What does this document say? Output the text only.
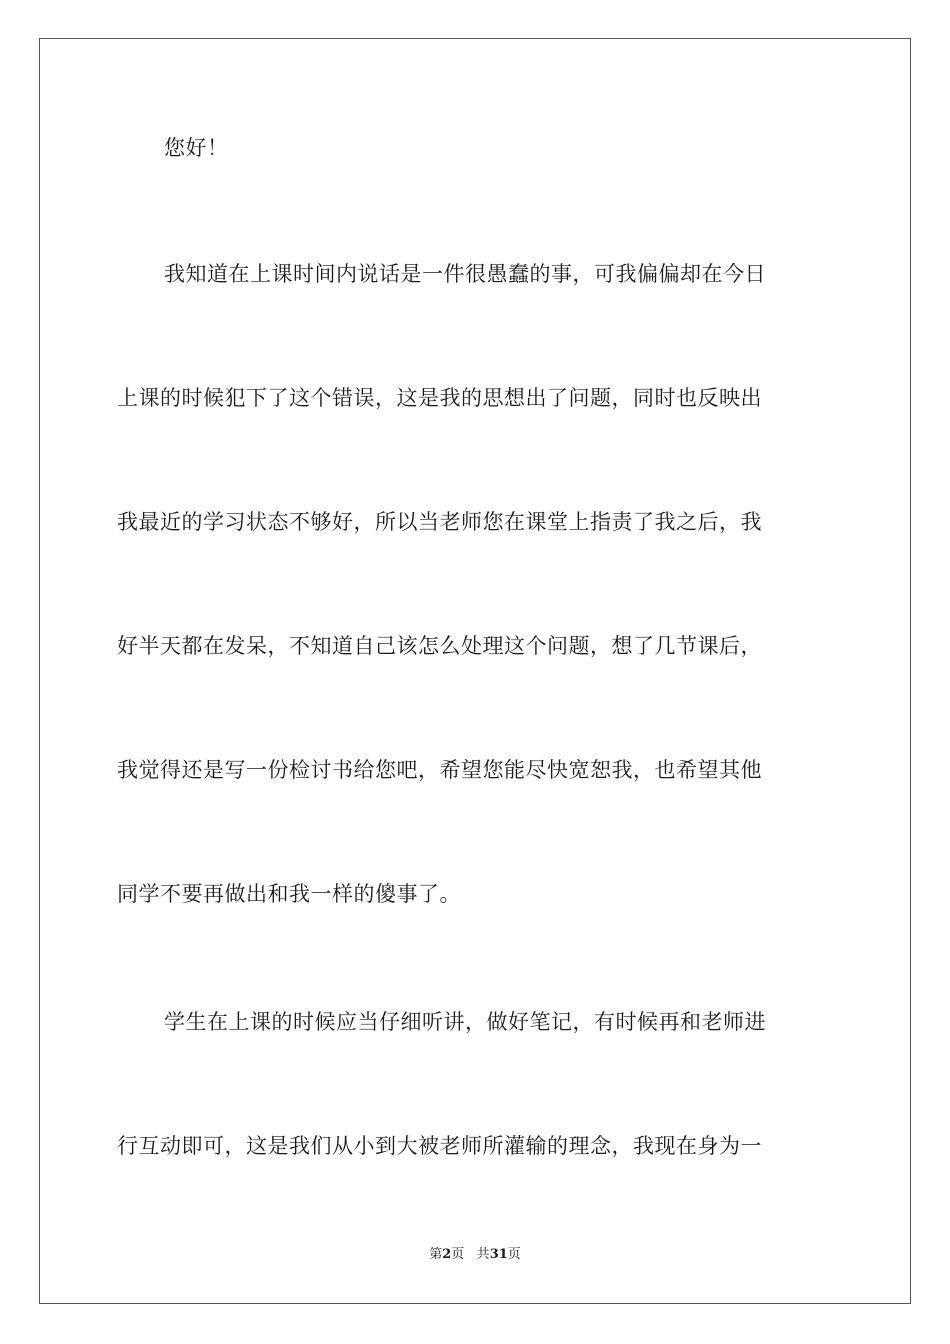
您好！
我知道在上课时间内说话是一件很愚蠢的事，可我偏偏却在今日
上课的时候犯下了这个错误，这是我的思想出了问题，同时也反映出
我最近的学习状态不够好，所以当老师您在课堂上指责了我之后，我
好半天都在发呆，不知道自己该怎么处理这个问题，想了几节课后，
我觉得还是写一份检讨书给您吧，希望您能尽快宽恕我，也希望其他
同学不要再做出和我一样的傻事了。
学生在上课的时候应当仔细听讲，做好笔记，有时候再和老师进
行互动即可，这是我们从小到大被老师所灌输的理念，我现在身为一
第2页 共31页
